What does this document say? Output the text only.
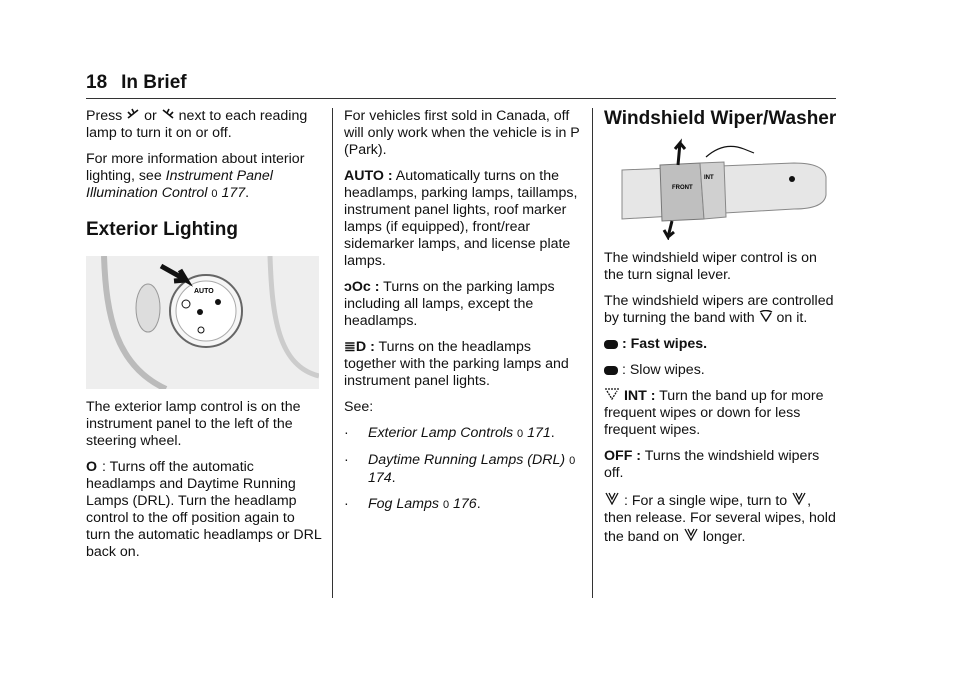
18 In Brief

Press  or  next to each reading lamp to turn it on or off.

For more information about interior lighting, see Instrument Panel Illumination Control 0 177.

Exterior Lighting
AUTO

The exterior lamp control is on the instrument panel to the left of the steering wheel.

O : Turns off the automatic headlamps and Daytime Running Lamps (DRL). Turn the headlamp control to the off position again to turn the automatic headlamps or DRL back on.

For vehicles first sold in Canada, off will only work when the vehicle is in P (Park).

AUTO : Automatically turns on the headlamps, parking lamps, taillamps, instrument panel lights, roof marker lamps (if equipped), front/rear sidemarker lamps, and license plate lamps.

ᴐOᴄ : Turns on the parking lamps including all lamps, except the headlamps.

≣D : Turns on the headlamps together with the parking lamps and instrument panel lights.

See:

·	Exterior Lamp Controls 0 171.
·	Daytime Running Lamps (DRL) 0 174.
·	Fog Lamps 0 176.
Windshield Wiper/Washer
FRONT
INT

The windshield wiper control is on the turn signal lever.

The windshield wipers are controlled by turning the band with  on it.

: Fast wipes.

: Slow wipes.

INT : Turn the band up for more frequent wipes or down for less frequent wipes.

OFF : Turns the windshield wipers off.

: For a single wipe, turn to , then release. For several wipes, hold the band on  longer.
